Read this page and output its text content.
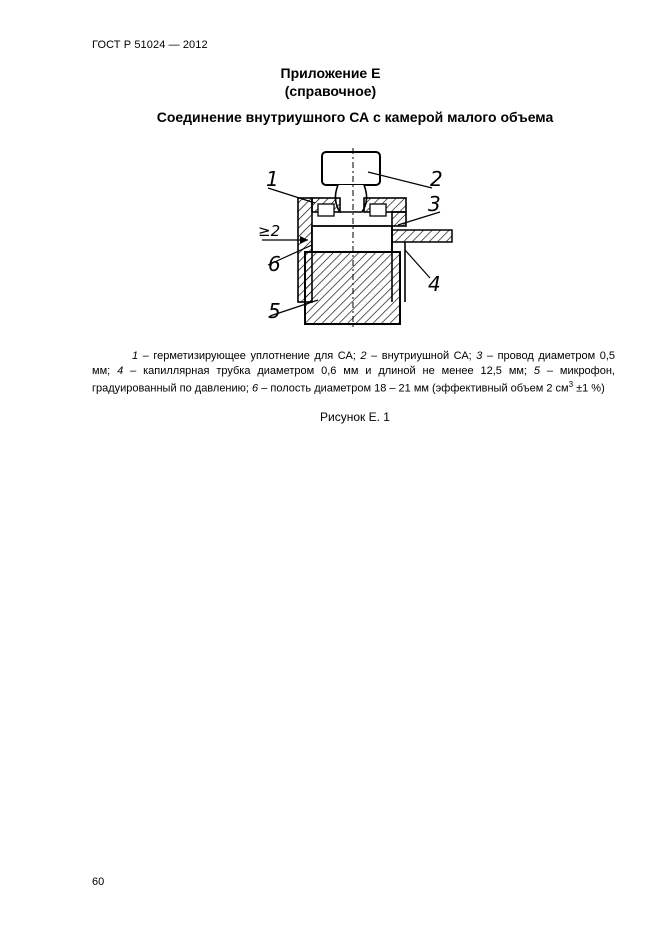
ГОСТ Р 51024 — 2012
Приложение Е
(справочное)
Соединение внутриушного СА с камерой малого объема
1	2
3
4
5
6
≥2

1 – герметизирующее уплотнение для СА; 2 – внутриушной СА; 3 – провод диаметром 0,5 мм; 4 – капиллярная трубка диаметром 0,6 мм и длиной не менее 12,5 мм; 5 – микрофон, градуированный по давлению; 6 – полость диаметром 18 – 21 мм (эффективный объем 2 $см^3 \pm 1$ %)

Рисунок Е. 1
60
